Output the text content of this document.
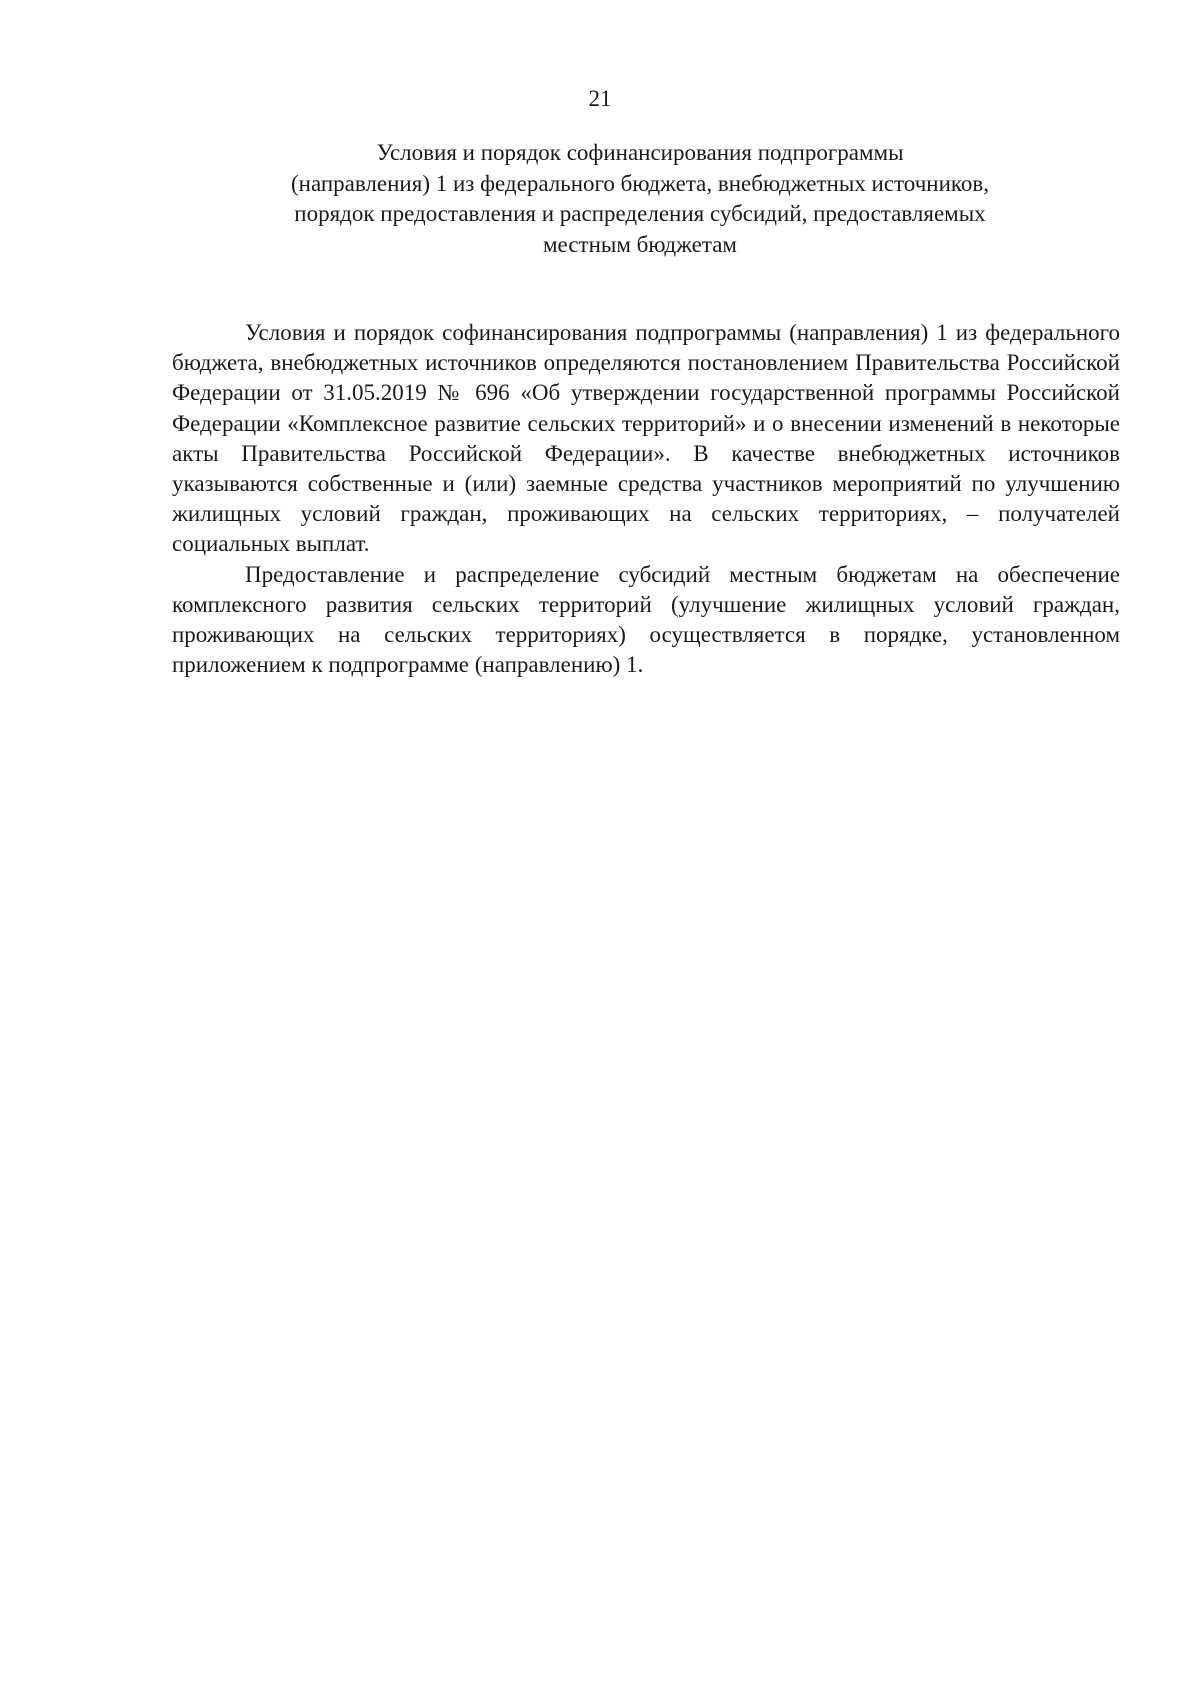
21
Условия и порядок софинансирования подпрограммы
(направления) 1 из федерального бюджета, внебюджетных источников,
порядок предоставления и распределения субсидий, предоставляемых
местным бюджетам

Условия и порядок софинансирования подпрограммы (направления) 1 из федерального бюджета, внебюджетных источников определяются постановлением Правительства Российской Федерации от 31.05.2019 № 696 «Об утверждении государственной программы Российской Федерации «Комплексное развитие сельских территорий» и о внесении изменений в некоторые акты Правительства Российской Федерации». В качестве внебюджетных источников указываются собственные и (или) заемные средства участников мероприятий по улучшению жилищных условий граждан, проживающих на сельских территориях, – получателей социальных выплат.

Предоставление и распределение субсидий местным бюджетам на обеспечение комплексного развития сельских территорий (улучшение жилищных условий граждан, проживающих на сельских территориях) осуществляется в порядке, установленном приложением к подпрограмме (направлению) 1.
